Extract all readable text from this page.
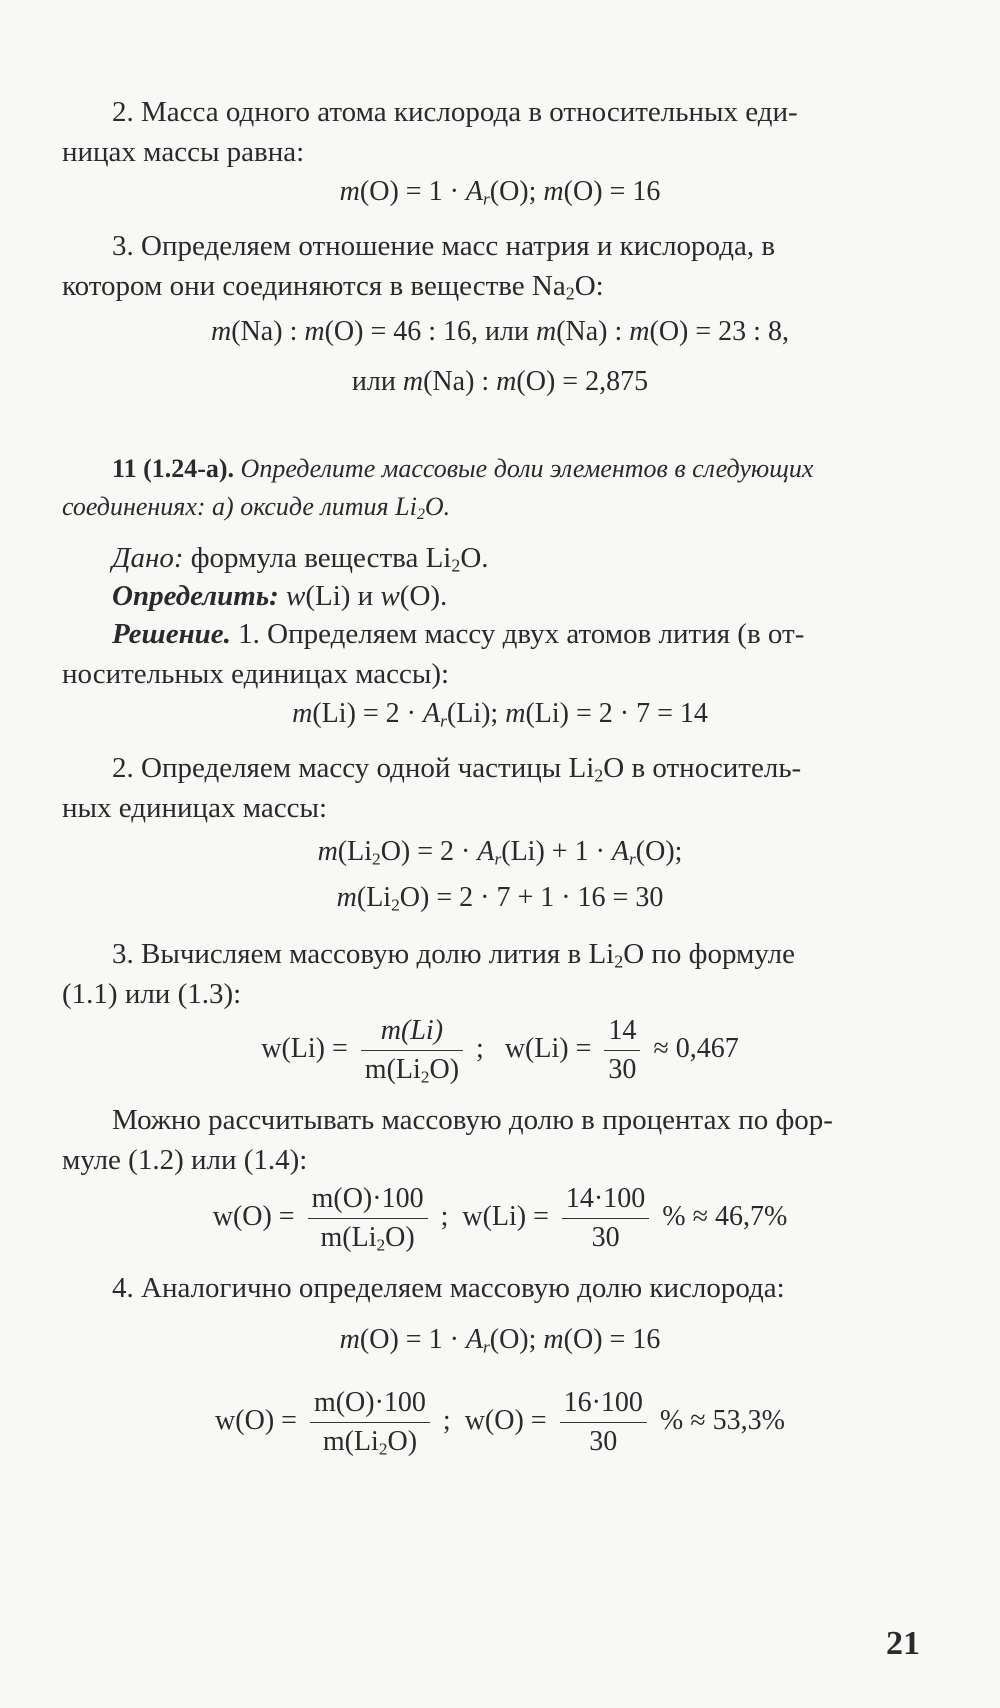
2. Масса одного атома кислорода в относительных еди-
ницах массы равна:
$m(O) = 1 \cdot A_r(O)$; m(O) = 16
3. Определяем отношение масс натрия и кислорода, в
котором они соединяются в веществе $Na_2O$:
m(Na) : m(O) = 46 : 16, или m(Na) : m(O) = 23 : 8,
или m(Na) : m(O) = 2,875
11 (1.24-а). Определите массовые доли элементов в следующих
соединениях: а) оксиде лития $Li_2O$.
Дано: формула вещества $Li_2O$.
Определить: w(Li) и w(O).
Решение. 1. Определяем массу двух атомов лития (в от-
носительных единицах массы):
$m(Li) = 2 \cdot A_r(Li)$; m(Li) = 2 · 7 = 14
2. Определяем массу одной частицы $Li_2O$ в относитель-
ных единицах массы:
$m(Li_2O) = 2 \cdot A_r(Li) + 1 \cdot A_r(O)$;
$m(Li_2O) = 2 \cdot 7 + 1 \cdot 16 = 30$
3. Вычисляем массовую долю лития в $Li_2O$ по формуле
(1.1) или (1.3):
$w(Li) = \frac{m(Li)}{m(Li_2O)}$ ; $w(Li) = \frac{14}{30} \approx 0,467$
Можно рассчитывать массовую долю в процентах по фор-
муле (1.2) или (1.4):
$w(O) = \frac{m(O)\cdot 100}{m(Li_2O)}$ ; $w(Li) = \frac{14\cdot 100}{30}$ % ≈ 46,7%
4. Аналогично определяем массовую долю кислорода:
$m(O) = 1 \cdot A_r(O)$; m(O) = 16
$w(O) = \frac{m(O)\cdot 100}{m(Li_2O)}$ ; $w(O) = \frac{16\cdot 100}{30}$ % ≈ 53,3%
21
